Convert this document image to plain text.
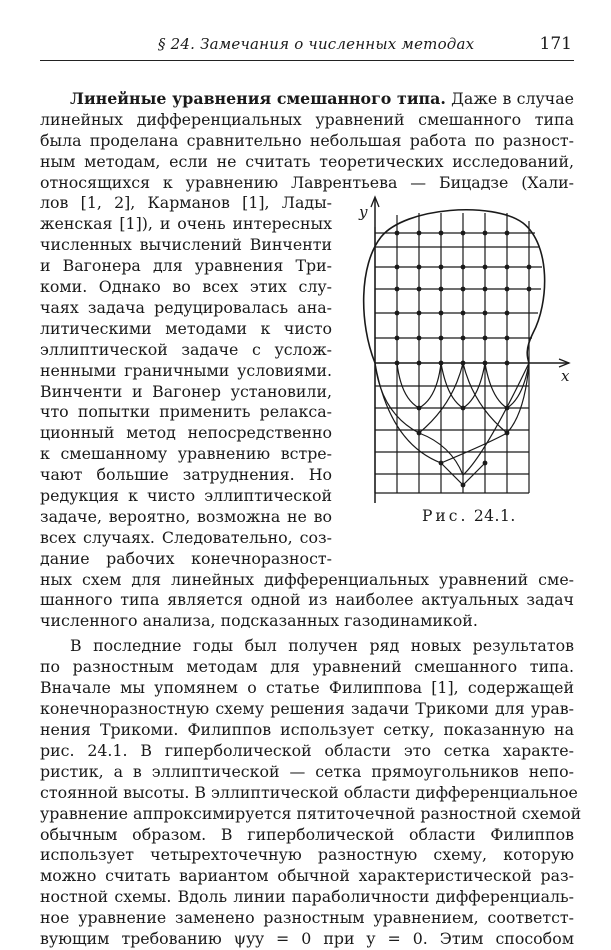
§ 24. Замечания о численных методах	171
Линейные уравнения смешанного типа. Даже в случае
линейных дифференциальных уравнений смешанного типа
была проделана сравнительно небольшая работа по разност-
ным методам, если не считать теоретических исследований,
относящихся к уравнению Лаврентьева — Бицадзе (Хали-
лов [1, 2], Карманов [1], Лады-
женская [1]), и очень интересных
численных вычислений Винченти
и Вагонера для уравнения Три-
коми. Однако во всех этих слу-
чаях задача редуцировалась ана-
литическими методами к чисто
эллиптической задаче с услож-
ненными граничными условиями.
Винченти и Вагонер установили,
что попытки применить релакса-
ционный метод непосредственно
к смешанному уравнению встре-
чают большие затруднения. Но
редукция к чисто эллиптической
задаче, вероятно, возможна не во
всех случаях. Следовательно, соз-
дание рабочих конечноразност-
ных схем для линейных дифференциальных уравнений сме-
шанного типа является одной из наиболее актуальных задач
численного анализа, подсказанных газодинамикой.
В последние годы был получен ряд новых результатов
по разностным методам для уравнений смешанного типа.
Вначале мы упомянем о статье Филиппова [1], содержащей
конечноразностную схему решения задачи Трикоми для урав-
нения Трикоми. Филиппов использует сетку, показанную на
рис. 24.1. В гиперболической области это сетка характе-
ристик, а в эллиптической — сетка прямоугольников непо-
стоянной высоты. В эллиптической области дифференциальное
уравнение аппроксимируется пятиточечной разностной схемой
обычным образом. В гиперболической области Филиппов
использует четырехточечную разностную схему, которую
можно считать вариантом обычной характеристической раз-
ностной схемы. Вдоль линии параболичности дифференциаль-
ное уравнение заменено разностным уравнением, соответст-
вующим требованию ψyy = 0 при y = 0. Этим способом
y
x
Рис. 24.1.
